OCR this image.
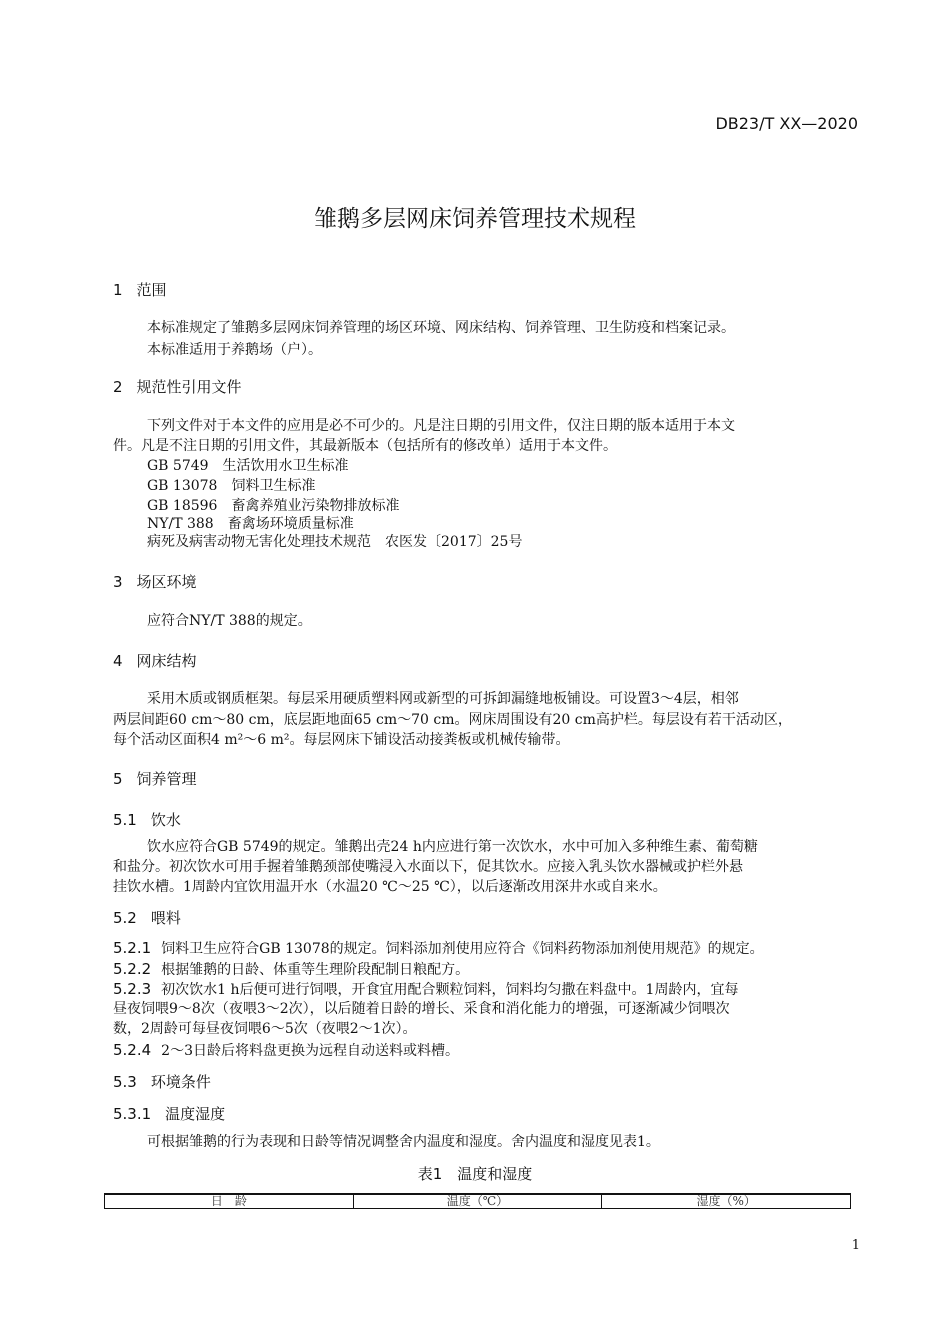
DB23/T XX—2020
雏鹅多层网床饲养管理技术规程
1 范围
本标准规定了雏鹅多层网床饲养管理的场区环境、网床结构、饲养管理、卫生防疫和档案记录。
本标准适用于养鹅场（户）。
2 规范性引用文件
下列文件对于本文件的应用是必不可少的。凡是注日期的引用文件，仅注日期的版本适用于本文
件。凡是不注日期的引用文件，其最新版本（包括所有的修改单）适用于本文件。
GB 5749　生活饮用水卫生标准
GB 13078　饲料卫生标准
GB 18596　畜禽养殖业污染物排放标准
NY/T 388　畜禽场环境质量标准
病死及病害动物无害化处理技术规范　农医发〔2017〕25号
3 场区环境
应符合NY/T 388的规定。
4 网床结构
采用木质或钢质框架。每层采用硬质塑料网或新型的可拆卸漏缝地板铺设。可设置3～4层，相邻
两层间距60 cm～80 cm，底层距地面65 cm～70 cm。网床周围设有20 cm高护栏。每层设有若干活动区，
每个活动区面积4 m²～6 m²。每层网床下铺设活动接粪板或机械传输带。
5 饲养管理
5.1 饮水
饮水应符合GB 5749的规定。雏鹅出壳24 h内应进行第一次饮水，水中可加入多种维生素、葡萄糖
和盐分。初次饮水可用手握着雏鹅颈部使嘴浸入水面以下，促其饮水。应接入乳头饮水器械或护栏外悬
挂饮水槽。1周龄内宜饮用温开水（水温20 ℃～25 ℃），以后逐渐改用深井水或自来水。
5.2 喂料
5.2.1 饲料卫生应符合GB 13078的规定。饲料添加剂使用应符合《饲料药物添加剂使用规范》的规定。
5.2.2 根据雏鹅的日龄、体重等生理阶段配制日粮配方。
5.2.3 初次饮水1 h后便可进行饲喂，开食宜用配合颗粒饲料，饲料均匀撒在料盘中。1周龄内，宜每
昼夜饲喂9～8次（夜喂3～2次），以后随着日龄的增长、采食和消化能力的增强，可逐渐减少饲喂次
数，2周龄可每昼夜饲喂6～5次（夜喂2～1次）。
5.2.4 2～3日龄后将料盘更换为远程自动送料或料槽。
5.3 环境条件
5.3.1 温度湿度
可根据雏鹅的行为表现和日龄等情况调整舍内温度和湿度。舍内温度和湿度见表1。
表1　温度和湿度
日　龄	温度（℃）	湿度（%）
1
